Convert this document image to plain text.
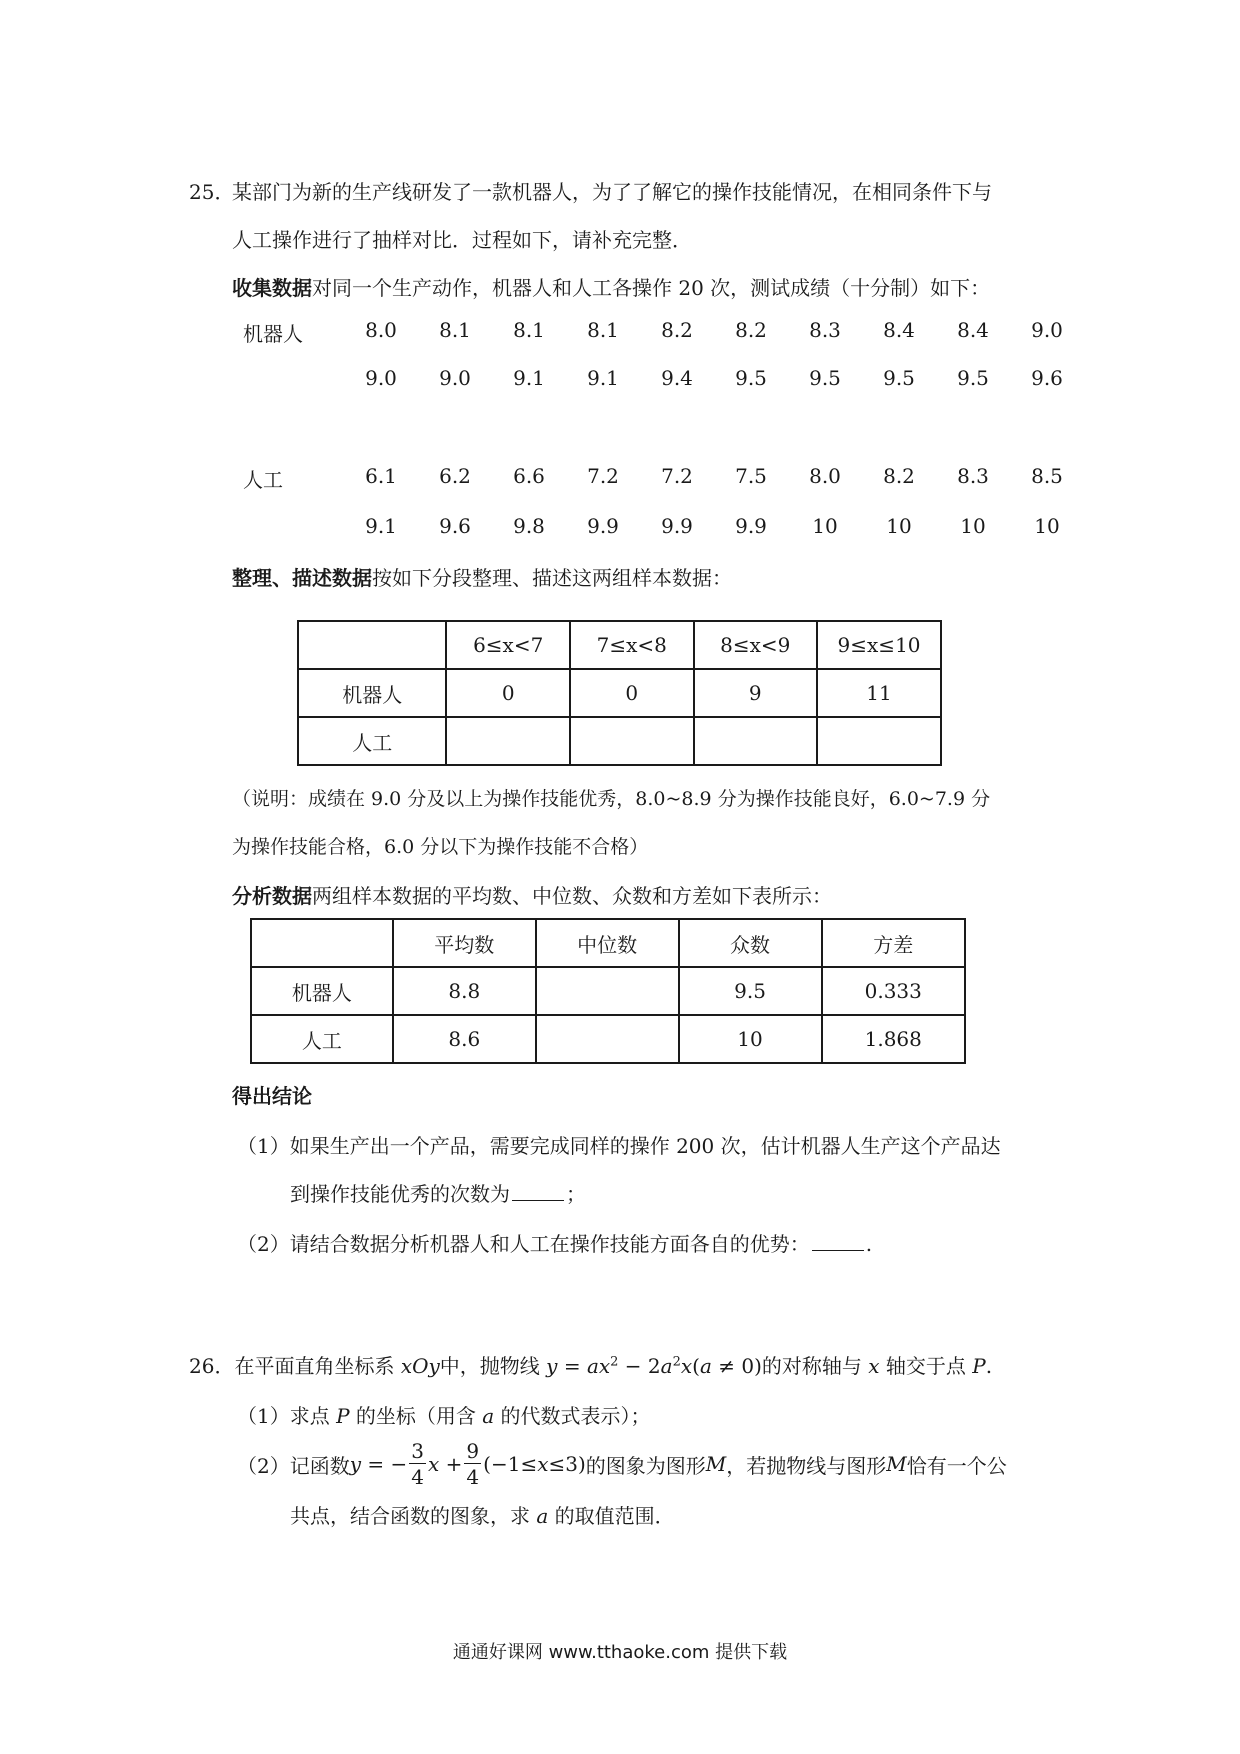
25．
某部门为新的生产线研发了一款机器人，为了了解它的操作技能情况，在相同条件下与
人工操作进行了抽样对比．过程如下，请补充完整．
收集数据对同一个生产动作，机器人和人工各操作 20 次，测试成绩（十分制）如下：
机器人	8.0	8.1	8.1	8.1	8.2	8.2	8.3	8.4	8.4	9.0
9.0	9.0	9.1	9.1	9.4	9.5	9.5	9.5	9.5	9.6
人工	6.1	6.2	6.6	7.2	7.2	7.5	8.0	8.2	8.3	8.5
9.1	9.6	9.8	9.9	9.9	9.9	10	10	10	10
整理、描述数据按如下分段整理、描述这两组样本数据：
	6≤x<7	7≤x<8	8≤x<9	9≤x≤10
机器人	0	0	9	11
人工				
（说明：成绩在 9.0 分及以上为操作技能优秀，8.0~8.9 分为操作技能良好，6.0~7.9 分
为操作技能合格，6.0 分以下为操作技能不合格）
分析数据两组样本数据的平均数、中位数、众数和方差如下表所示：
	平均数	中位数	众数	方差
机器人	8.8		9.5	0.333
人工	8.6		10	1.868
得出结论
（1）如果生产出一个产品，需要完成同样的操作 200 次，估计机器人生产这个产品达
到操作技能优秀的次数为	；
（2）请结合数据分析机器人和人工在操作技能方面各自的优势：	.
26．在平面直角坐标系 xOy中，抛物线 $y = ax^2 - 2a^2x(a \ne 0)$的对称轴与 x 轴交于点 P.
（1）求点 P 的坐标（用含 a 的代数式表示）；
（2）记函数 y = − $\frac{3}{4}$ $x + \frac{9}{4} (-1\le x \le 3)$ 的图象为图形 M ，若抛物线与图形 M 恰有一个公
共点，结合函数的图象，求 a 的取值范围．
通通好课网 www.tthaoke.com 提供下载
